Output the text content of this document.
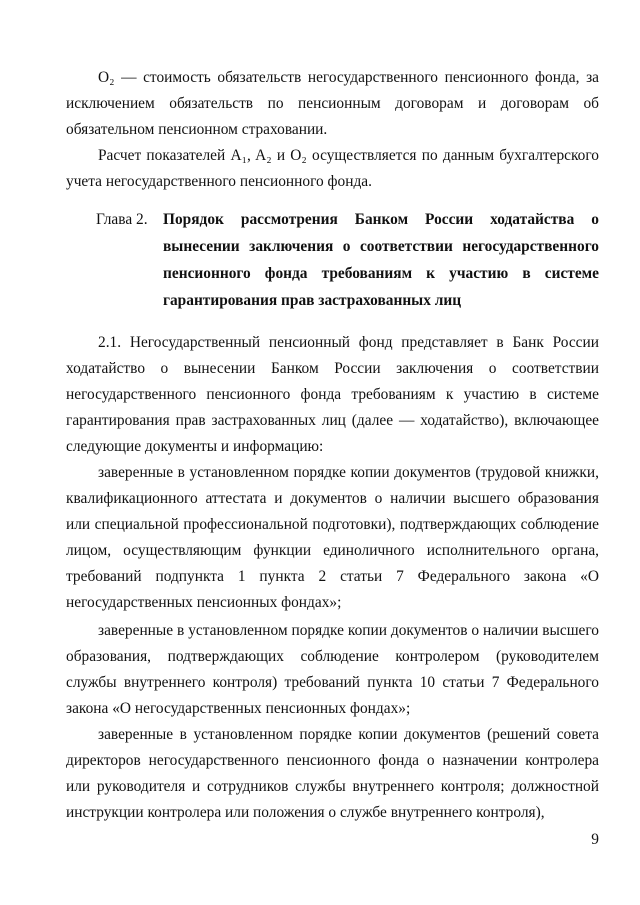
O₂ — стоимость обязательств негосударственного пенсионного фонда, за исключением обязательств по пенсионным договорам и договорам об обязательном пенсионном страховании.

Расчет показателей A₁, A₂ и O₂ осуществляется по данным бухгалтерского учета негосударственного пенсионного фонда.

Глава 2.	Порядок рассмотрения Банком России ходатайства о вынесении заключения о соответствии негосударственного пенсионного фонда требованиям к участию в системе гарантирования прав застрахованных лиц

2.1. Негосударственный пенсионный фонд представляет в Банк России ходатайство о вынесении Банком России заключения о соответствии негосударственного пенсионного фонда требованиям к участию в системе гарантирования прав застрахованных лиц (далее — ходатайство), включающее следующие документы и информацию:

заверенные в установленном порядке копии документов (трудовой книжки, квалификационного аттестата и документов о наличии высшего образования или специальной профессиональной подготовки), подтверждающих соблюдение лицом, осуществляющим функции единоличного исполнительного органа, требований подпункта 1 пункта 2 статьи 7 Федерального закона «О негосударственных пенсионных фондах»;

заверенные в установленном порядке копии документов о наличии высшего образования, подтверждающих соблюдение контролером (руководителем службы внутреннего контроля) требований пункта 10 статьи 7 Федерального закона «О негосударственных пенсионных фондах»;

заверенные в установленном порядке копии документов (решений совета директоров негосударственного пенсионного фонда о назначении контролера или руководителя и сотрудников службы внутреннего контроля; должностной инструкции контролера или положения о службе внутреннего контроля),

9
